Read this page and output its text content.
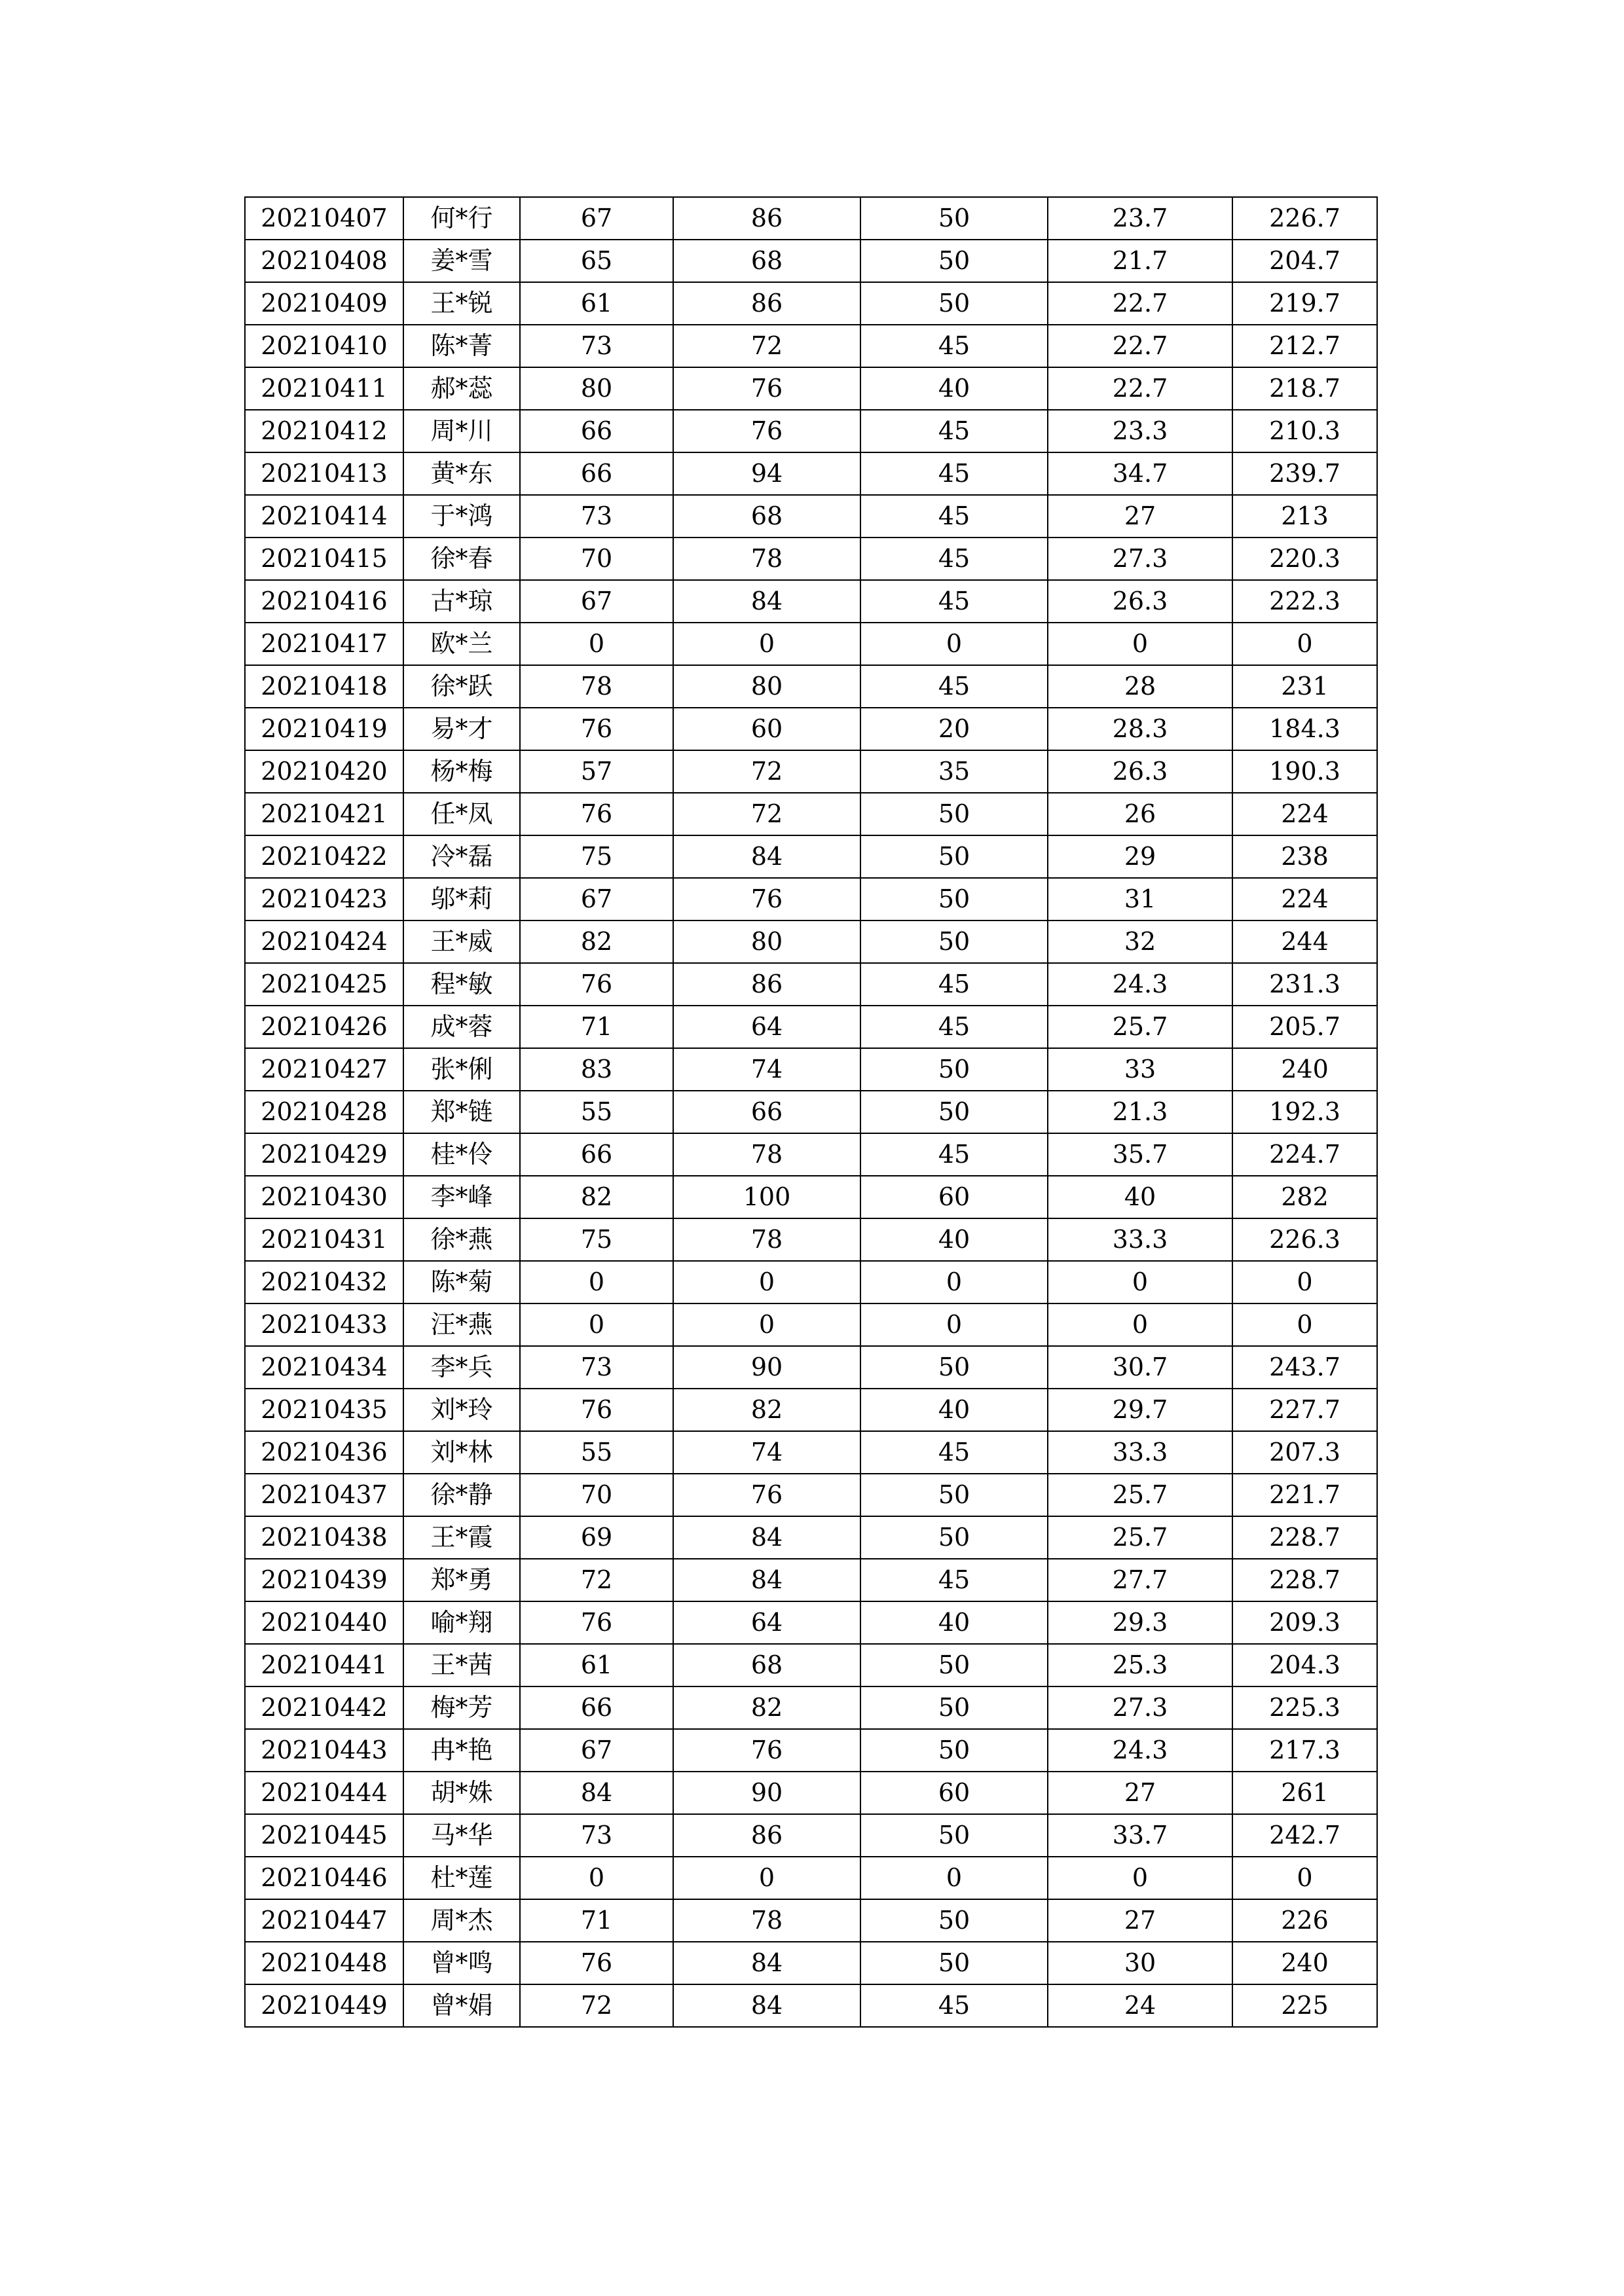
20210407	何*行	67	86	50	23.7	226.7
20210408	姜*雪	65	68	50	21.7	204.7
20210409	王*锐	61	86	50	22.7	219.7
20210410	陈*菁	73	72	45	22.7	212.7
20210411	郝*蕊	80	76	40	22.7	218.7
20210412	周*川	66	76	45	23.3	210.3
20210413	黄*东	66	94	45	34.7	239.7
20210414	于*鸿	73	68	45	27	213
20210415	徐*春	70	78	45	27.3	220.3
20210416	古*琼	67	84	45	26.3	222.3
20210417	欧*兰	0	0	0	0	0
20210418	徐*跃	78	80	45	28	231
20210419	易*才	76	60	20	28.3	184.3
20210420	杨*梅	57	72	35	26.3	190.3
20210421	任*凤	76	72	50	26	224
20210422	冷*磊	75	84	50	29	238
20210423	邬*莉	67	76	50	31	224
20210424	王*威	82	80	50	32	244
20210425	程*敏	76	86	45	24.3	231.3
20210426	成*蓉	71	64	45	25.7	205.7
20210427	张*俐	83	74	50	33	240
20210428	郑*链	55	66	50	21.3	192.3
20210429	桂*伶	66	78	45	35.7	224.7
20210430	李*峰	82	100	60	40	282
20210431	徐*燕	75	78	40	33.3	226.3
20210432	陈*菊	0	0	0	0	0
20210433	汪*燕	0	0	0	0	0
20210434	李*兵	73	90	50	30.7	243.7
20210435	刘*玲	76	82	40	29.7	227.7
20210436	刘*林	55	74	45	33.3	207.3
20210437	徐*静	70	76	50	25.7	221.7
20210438	王*霞	69	84	50	25.7	228.7
20210439	郑*勇	72	84	45	27.7	228.7
20210440	喻*翔	76	64	40	29.3	209.3
20210441	王*茜	61	68	50	25.3	204.3
20210442	梅*芳	66	82	50	27.3	225.3
20210443	冉*艳	67	76	50	24.3	217.3
20210444	胡*姝	84	90	60	27	261
20210445	马*华	73	86	50	33.7	242.7
20210446	杜*莲	0	0	0	0	0
20210447	周*杰	71	78	50	27	226
20210448	曾*鸣	76	84	50	30	240
20210449	曾*娟	72	84	45	24	225
